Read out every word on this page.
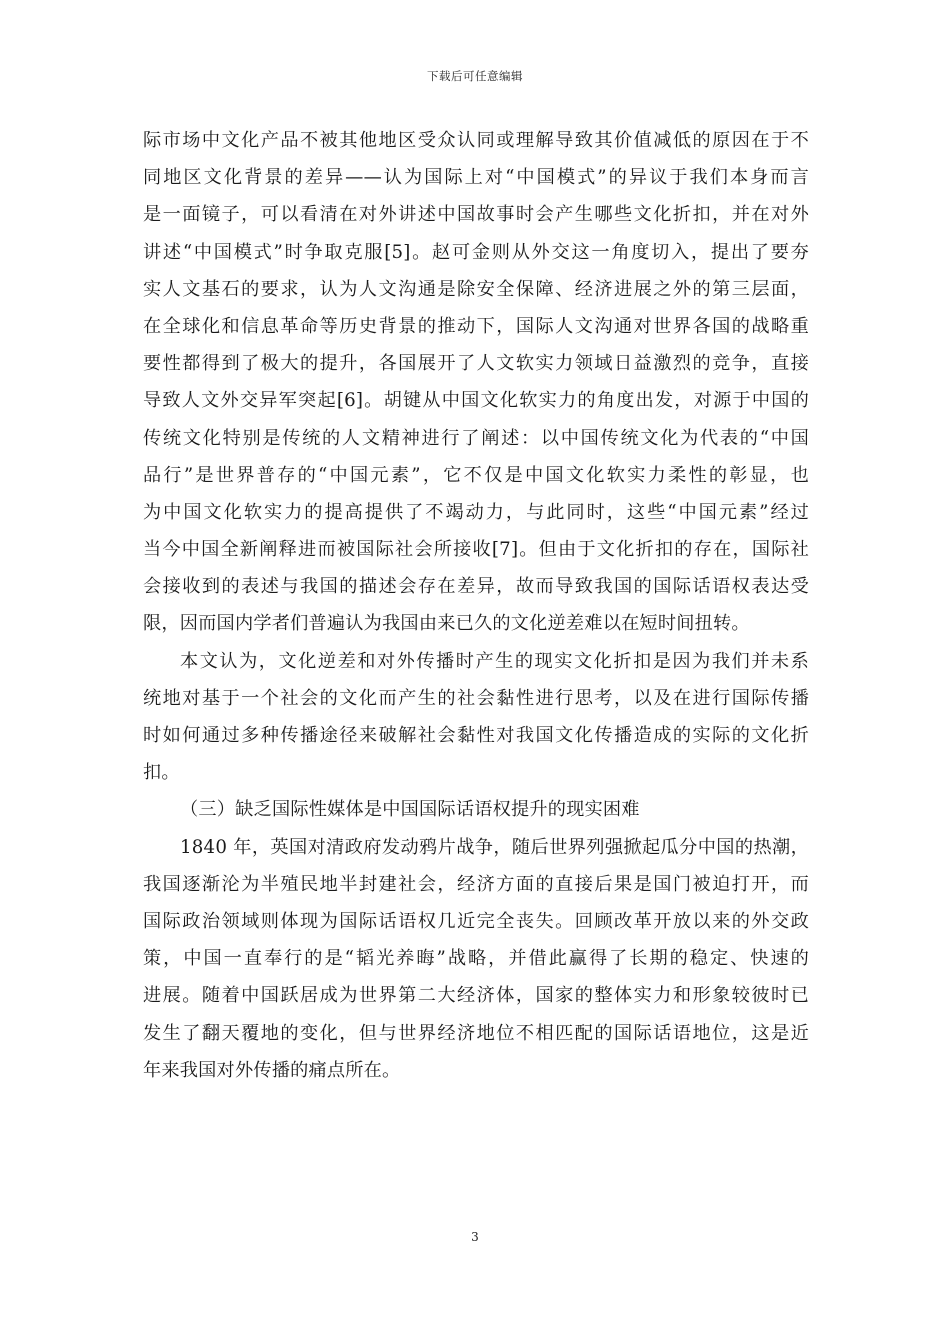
下载后可任意编辑
际市场中文化产品不被其他地区受众认同或理解导致其价值减低的原因在于不
同地区文化背景的差异——认为国际上对“中国模式”的异议于我们本身而言
是一面镜子，可以看清在对外讲述中国故事时会产生哪些文化折扣，并在对外
讲述“中国模式”时争取克服[5]。赵可金则从外交这一角度切入，提出了要夯
实人文基石的要求，认为人文沟通是除安全保障、经济进展之外的第三层面，
在全球化和信息革命等历史背景的推动下，国际人文沟通对世界各国的战略重
要性都得到了极大的提升，各国展开了人文软实力领域日益激烈的竞争，直接
导致人文外交异军突起[6]。胡键从中国文化软实力的角度出发，对源于中国的
传统文化特别是传统的人文精神进行了阐述：以中国传统文化为代表的“中国
品行”是世界普存的“中国元素”，它不仅是中国文化软实力柔性的彰显，也
为中国文化软实力的提高提供了不竭动力，与此同时，这些“中国元素”经过
当今中国全新阐释进而被国际社会所接收[7]。但由于文化折扣的存在，国际社
会接收到的表述与我国的描述会存在差异，故而导致我国的国际话语权表达受
限，因而国内学者们普遍认为我国由来已久的文化逆差难以在短时间扭转。
本文认为，文化逆差和对外传播时产生的现实文化折扣是因为我们并未系
统地对基于一个社会的文化而产生的社会黏性进行思考，以及在进行国际传播
时如何通过多种传播途径来破解社会黏性对我国文化传播造成的实际的文化折
扣。
（三）缺乏国际性媒体是中国国际话语权提升的现实困难
1840 年，英国对清政府发动鸦片战争，随后世界列强掀起瓜分中国的热潮，
我国逐渐沦为半殖民地半封建社会，经济方面的直接后果是国门被迫打开，而
国际政治领域则体现为国际话语权几近完全丧失。回顾改革开放以来的外交政
策，中国一直奉行的是“韬光养晦”战略，并借此赢得了长期的稳定、快速的
进展。随着中国跃居成为世界第二大经济体，国家的整体实力和形象较彼时已
发生了翻天覆地的变化，但与世界经济地位不相匹配的国际话语地位，这是近
年来我国对外传播的痛点所在。
3
